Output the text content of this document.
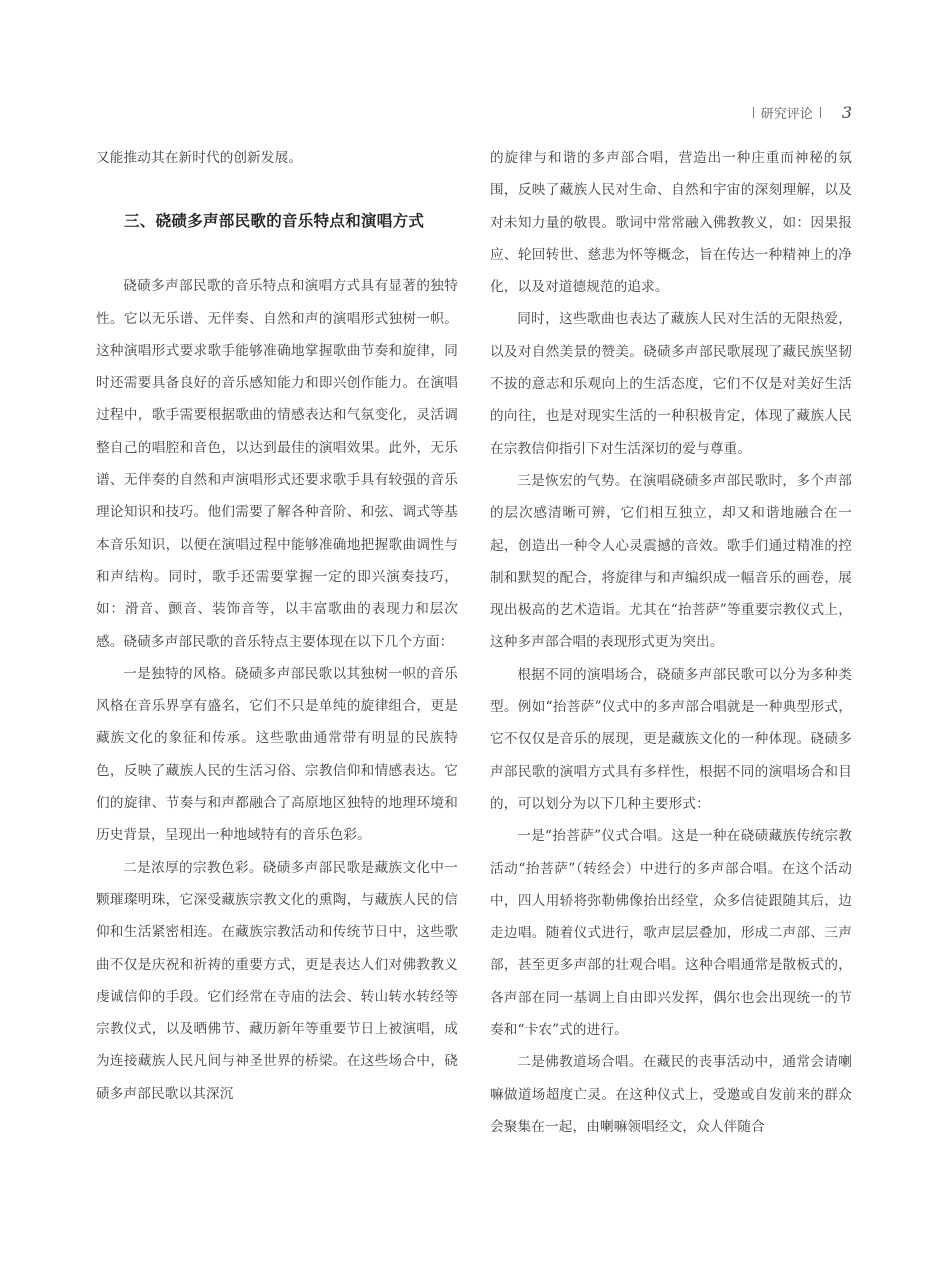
研究评论 3

又能推动其在新时代的创新发展。

三、硗碛多声部民歌的音乐特点和演唱方式

硗碛多声部民歌的音乐特点和演唱方式具有显著的独特性。它以无乐谱、无伴奏、自然和声的演唱形式独树一帜。这种演唱形式要求歌手能够准确地掌握歌曲节奏和旋律，同时还需要具备良好的音乐感知能力和即兴创作能力。在演唱过程中，歌手需要根据歌曲的情感表达和气氛变化，灵活调整自己的唱腔和音色，以达到最佳的演唱效果。此外，无乐谱、无伴奏的自然和声演唱形式还要求歌手具有较强的音乐理论知识和技巧。他们需要了解各种音阶、和弦、调式等基本音乐知识，以便在演唱过程中能够准确地把握歌曲调性与和声结构。同时，歌手还需要掌握一定的即兴演奏技巧，如：滑音、颤音、装饰音等，以丰富歌曲的表现力和层次感。硗碛多声部民歌的音乐特点主要体现在以下几个方面：

一是独特的风格。硗碛多声部民歌以其独树一帜的音乐风格在音乐界享有盛名，它们不只是单纯的旋律组合，更是藏族文化的象征和传承。这些歌曲通常带有明显的民族特色，反映了藏族人民的生活习俗、宗教信仰和情感表达。它们的旋律、节奏与和声都融合了高原地区独特的地理环境和历史背景，呈现出一种地域特有的音乐色彩。

二是浓厚的宗教色彩。硗碛多声部民歌是藏族文化中一颗璀璨明珠，它深受藏族宗教文化的熏陶，与藏族人民的信仰和生活紧密相连。在藏族宗教活动和传统节日中，这些歌曲不仅是庆祝和祈祷的重要方式，更是表达人们对佛教教义虔诚信仰的手段。它们经常在寺庙的法会、转山转水转经等宗教仪式，以及晒佛节、藏历新年等重要节日上被演唱，成为连接藏族人民凡间与神圣世界的桥梁。在这些场合中，硗碛多声部民歌以其深沉

的旋律与和谐的多声部合唱，营造出一种庄重而神秘的氛围，反映了藏族人民对生命、自然和宇宙的深刻理解，以及对未知力量的敬畏。歌词中常常融入佛教教义，如：因果报应、轮回转世、慈悲为怀等概念，旨在传达一种精神上的净化，以及对道德规范的追求。

同时，这些歌曲也表达了藏族人民对生活的无限热爱，以及对自然美景的赞美。硗碛多声部民歌展现了藏民族坚韧不拔的意志和乐观向上的生活态度，它们不仅是对美好生活的向往，也是对现实生活的一种积极肯定，体现了藏族人民在宗教信仰指引下对生活深切的爱与尊重。

三是恢宏的气势。在演唱硗碛多声部民歌时，多个声部的层次感清晰可辨，它们相互独立，却又和谐地融合在一起，创造出一种令人心灵震撼的音效。歌手们通过精准的控制和默契的配合，将旋律与和声编织成一幅音乐的画卷，展现出极高的艺术造诣。尤其在“抬菩萨”等重要宗教仪式上，这种多声部合唱的表现形式更为突出。

根据不同的演唱场合，硗碛多声部民歌可以分为多种类型。例如“抬菩萨”仪式中的多声部合唱就是一种典型形式，它不仅仅是音乐的展现，更是藏族文化的一种体现。硗碛多声部民歌的演唱方式具有多样性，根据不同的演唱场合和目的，可以划分为以下几种主要形式：

一是“抬菩萨”仪式合唱。这是一种在硗碛藏族传统宗教活动“抬菩萨”（转经会）中进行的多声部合唱。在这个活动中，四人用轿将弥勒佛像抬出经堂，众多信徒跟随其后，边走边唱。随着仪式进行，歌声层层叠加，形成二声部、三声部，甚至更多声部的壮观合唱。这种合唱通常是散板式的，各声部在同一基调上自由即兴发挥，偶尔也会出现统一的节奏和“卡农”式的进行。

二是佛教道场合唱。在藏民的丧事活动中，通常会请喇嘛做道场超度亡灵。在这种仪式上，受邀或自发前来的群众会聚集在一起，由喇嘛领唱经文，众人伴随合
